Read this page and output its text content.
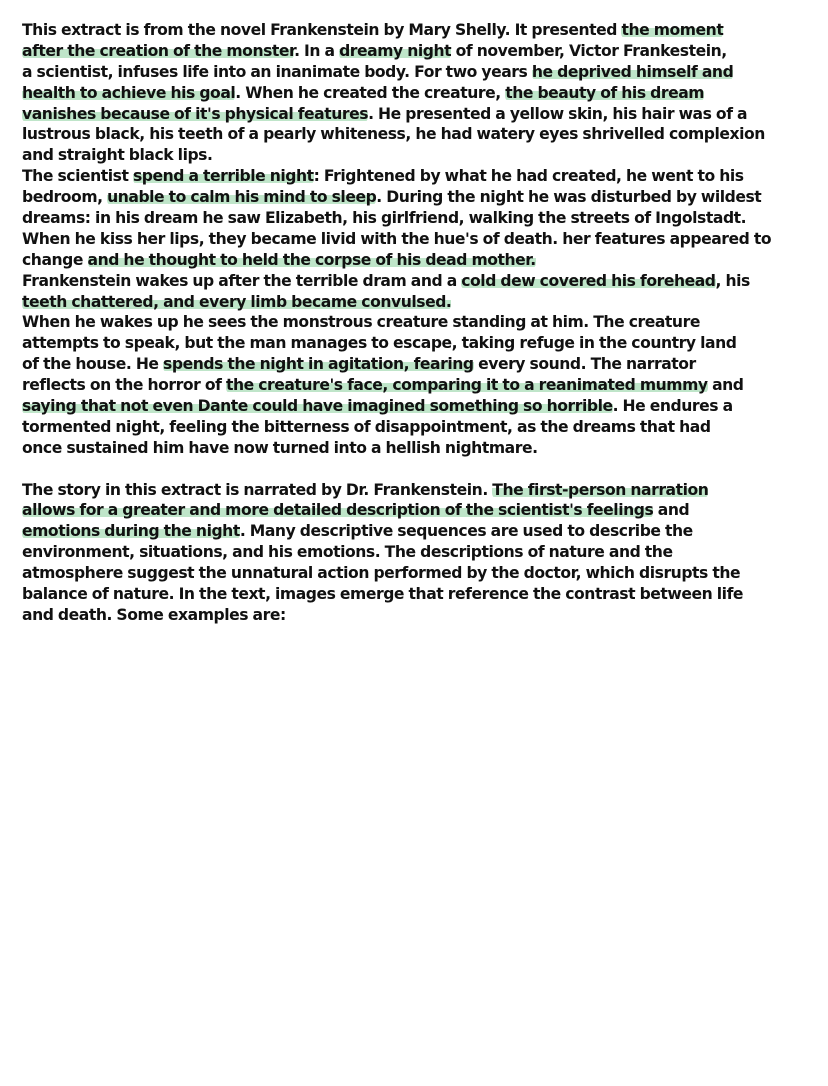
This extract is from the novel Frankenstein by Mary Shelly. It presented the moment
after the creation of the monster. In a dreamy night of november, Victor Frankestein,
a scientist, infuses life into an inanimate body. For two years he deprived himself and
health to achieve his goal. When he created the creature, the beauty of his dream
vanishes because of it's physical features. He presented a yellow skin, his hair was of a
lustrous black, his teeth of a pearly whiteness, he had watery eyes shrivelled complexion
and straight black lips.
The scientist spend a terrible night: Frightened by what he had created, he went to his
bedroom, unable to calm his mind to sleep. During the night he was disturbed by wildest
dreams: in his dream he saw Elizabeth, his girlfriend, walking the streets of Ingolstadt.
When he kiss her lips, they became livid with the hue's of death. her features appeared to
change and he thought to held the corpse of his dead mother.
Frankenstein wakes up after the terrible dram and a cold dew covered his forehead, his
teeth chattered, and every limb became convulsed.
When he wakes up he sees the monstrous creature standing at him. The creature
attempts to speak, but the man manages to escape, taking refuge in the country land
of the house. He spends the night in agitation, fearing every sound. The narrator
reflects on the horror of the creature's face, comparing it to a reanimated mummy and
saying that not even Dante could have imagined something so horrible. He endures a
tormented night, feeling the bitterness of disappointment, as the dreams that had
once sustained him have now turned into a hellish nightmare.
The story in this extract is narrated by Dr. Frankenstein. The first-person narration
allows for a greater and more detailed description of the scientist's feelings and
emotions during the night. Many descriptive sequences are used to describe the
environment, situations, and his emotions. The descriptions of nature and the
atmosphere suggest the unnatural action performed by the doctor, which disrupts the
balance of nature. In the text, images emerge that reference the contrast between life
and death. Some examples are:
